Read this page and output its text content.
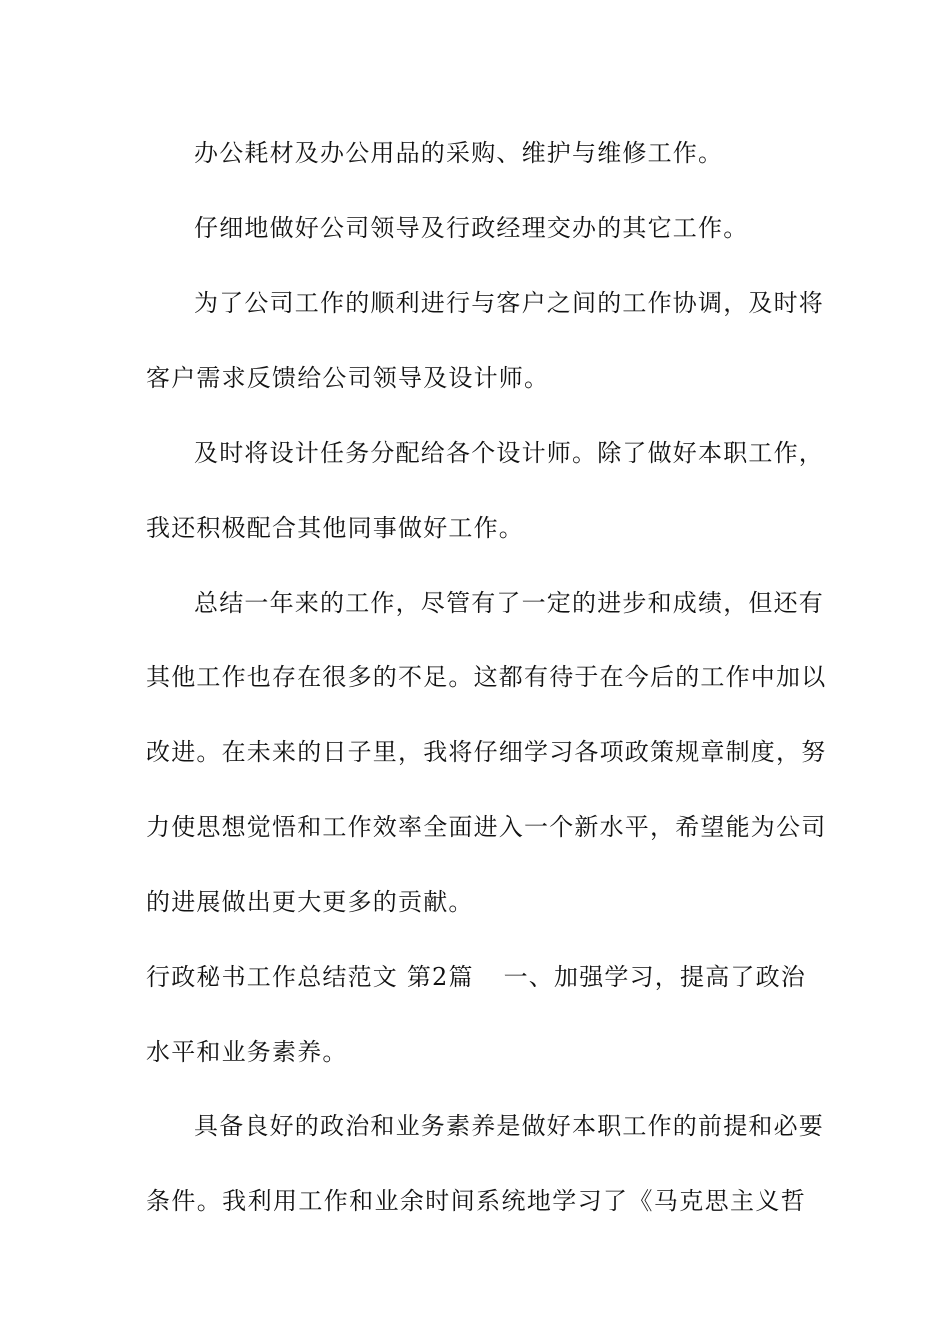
办公耗材及办公用品的采购、维护与维修工作。
仔细地做好公司领导及行政经理交办的其它工作。
为了公司工作的顺利进行与客户之间的工作协调，及时将
客户需求反馈给公司领导及设计师。
及时将设计任务分配给各个设计师。除了做好本职工作，
我还积极配合其他同事做好工作。
总结一年来的工作，尽管有了一定的进步和成绩，但还有
其他工作也存在很多的不足。这都有待于在今后的工作中加以
改进。在未来的日子里，我将仔细学习各项政策规章制度，努
力使思想觉悟和工作效率全面进入一个新水平，希望能为公司
的进展做出更大更多的贡献。
行政秘书工作总结范文 第2篇 一、加强学习，提高了政治
水平和业务素养。
具备良好的政治和业务素养是做好本职工作的前提和必要
条件。我利用工作和业余时间系统地学习了《马克思主义哲
